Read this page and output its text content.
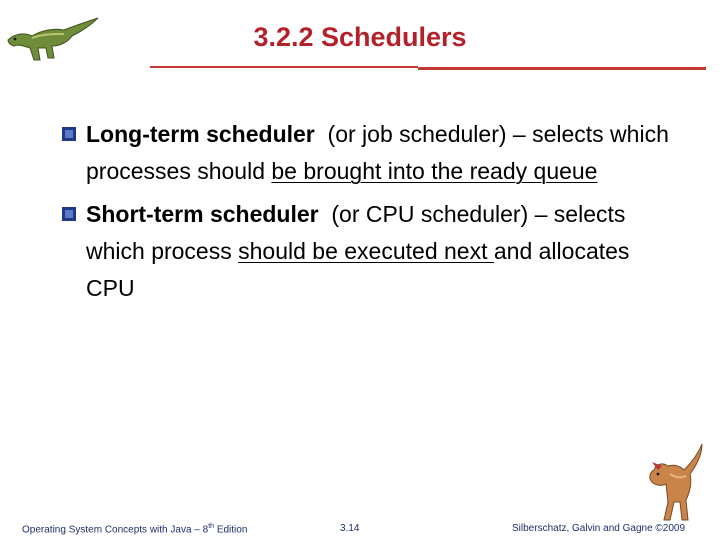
3.2.2 Schedulers
Long-term scheduler  (or job scheduler) – selects which processes should be brought into the ready queue
Short-term scheduler  (or CPU scheduler) – selects which process should be executed next and allocates CPU
Operating System Concepts with Java – 8th Edition	3.14	Silberschatz, Galvin and Gagne ©2009
